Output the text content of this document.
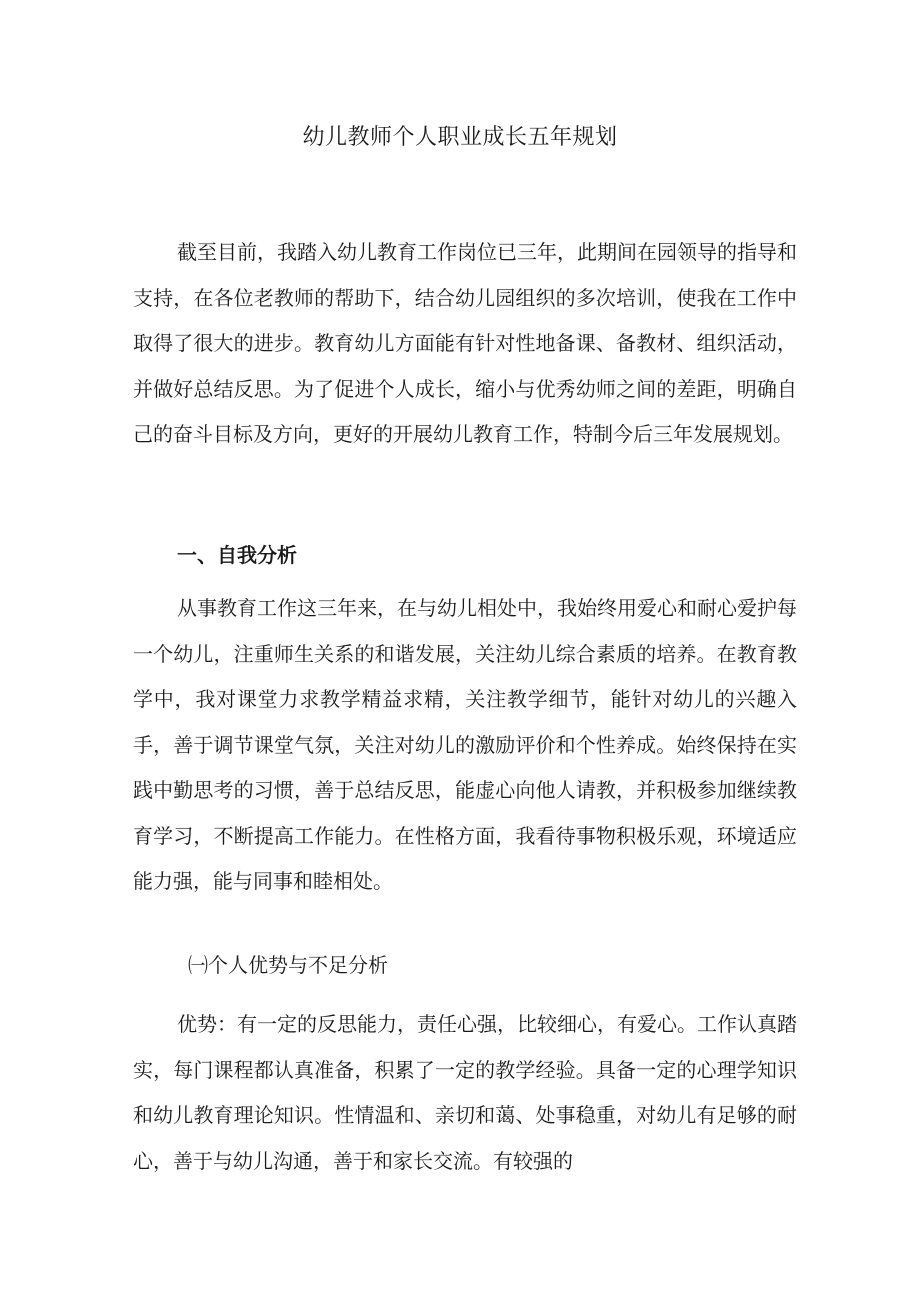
幼儿教师个人职业成长五年规划

截至目前，我踏入幼儿教育工作岗位已三年，此期间在园领导的指导和支持，在各位老教师的帮助下，结合幼儿园组织的多次培训，使我在工作中取得了很大的进步。教育幼儿方面能有针对性地备课、备教材、组织活动，并做好总结反思。为了促进个人成长，缩小与优秀幼师之间的差距，明确自己的奋斗目标及方向，更好的开展幼儿教育工作，特制今后三年发展规划。

一、自我分析

从事教育工作这三年来，在与幼儿相处中，我始终用爱心和耐心爱护每一个幼儿，注重师生关系的和谐发展，关注幼儿综合素质的培养。在教育教学中，我对课堂力求教学精益求精，关注教学细节，能针对幼儿的兴趣入手，善于调节课堂气氛，关注对幼儿的激励评价和个性养成。始终保持在实践中勤思考的习惯，善于总结反思，能虚心向他人请教，并积极参加继续教育学习，不断提高工作能力。在性格方面，我看待事物积极乐观，环境适应能力强，能与同事和睦相处。

㈠个人优势与不足分析

优势：有一定的反思能力，责任心强，比较细心，有爱心。工作认真踏实，每门课程都认真准备，积累了一定的教学经验。具备一定的心理学知识和幼儿教育理论知识。性情温和、亲切和蔼、处事稳重，对幼儿有足够的耐心，善于与幼儿沟通，善于和家长交流。有较强的
